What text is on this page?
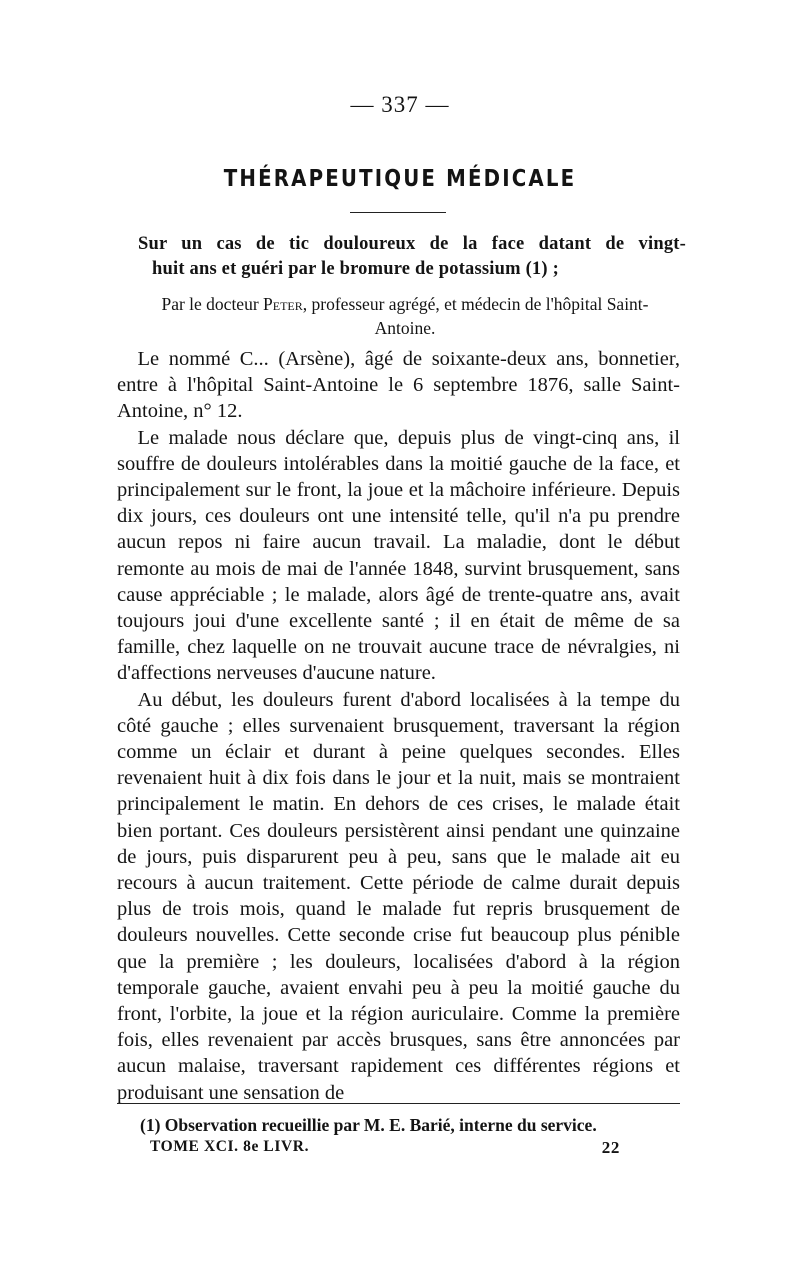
— 337 —
THÉRAPEUTIQUE MÉDICALE
Sur un cas de tic douloureux de la face datant de vingt-
huit ans et guéri par le bromure de potassium (1) ;
Par le docteur Peter, professeur agrégé, et médecin de l'hôpital Saint-Antoine.

Le nommé C... (Arsène), âgé de soixante-deux ans, bonnetier, entre à l'hôpital Saint-Antoine le 6 septembre 1876, salle Saint-Antoine, n° 12.

Le malade nous déclare que, depuis plus de vingt-cinq ans, il souffre de douleurs intolérables dans la moitié gauche de la face, et principalement sur le front, la joue et la mâchoire inférieure. Depuis dix jours, ces douleurs ont une intensité telle, qu'il n'a pu prendre aucun repos ni faire aucun travail. La maladie, dont le début remonte au mois de mai de l'année 1848, survint brusquement, sans cause appréciable ; le malade, alors âgé de trente-quatre ans, avait toujours joui d'une excellente santé ; il en était de même de sa famille, chez laquelle on ne trouvait aucune trace de névralgies, ni d'affections nerveuses d'aucune nature.

Au début, les douleurs furent d'abord localisées à la tempe du côté gauche ; elles survenaient brusquement, traversant la région comme un éclair et durant à peine quelques secondes. Elles revenaient huit à dix fois dans le jour et la nuit, mais se montraient principalement le matin. En dehors de ces crises, le malade était bien portant. Ces douleurs persistèrent ainsi pendant une quinzaine de jours, puis disparurent peu à peu, sans que le malade ait eu recours à aucun traitement. Cette période de calme durait depuis plus de trois mois, quand le malade fut repris brusquement de douleurs nouvelles. Cette seconde crise fut beaucoup plus pénible que la première ; les douleurs, localisées d'abord à la région temporale gauche, avaient envahi peu à peu la moitié gauche du front, l'orbite, la joue et la région auriculaire. Comme la première fois, elles revenaient par accès brusques, sans être annoncées par aucun malaise, traversant rapidement ces différentes régions et produisant une sensation de

(1) Observation recueillie par M. E. Barié, interne du service.
TOME XCI. 8e LIVR.	22
